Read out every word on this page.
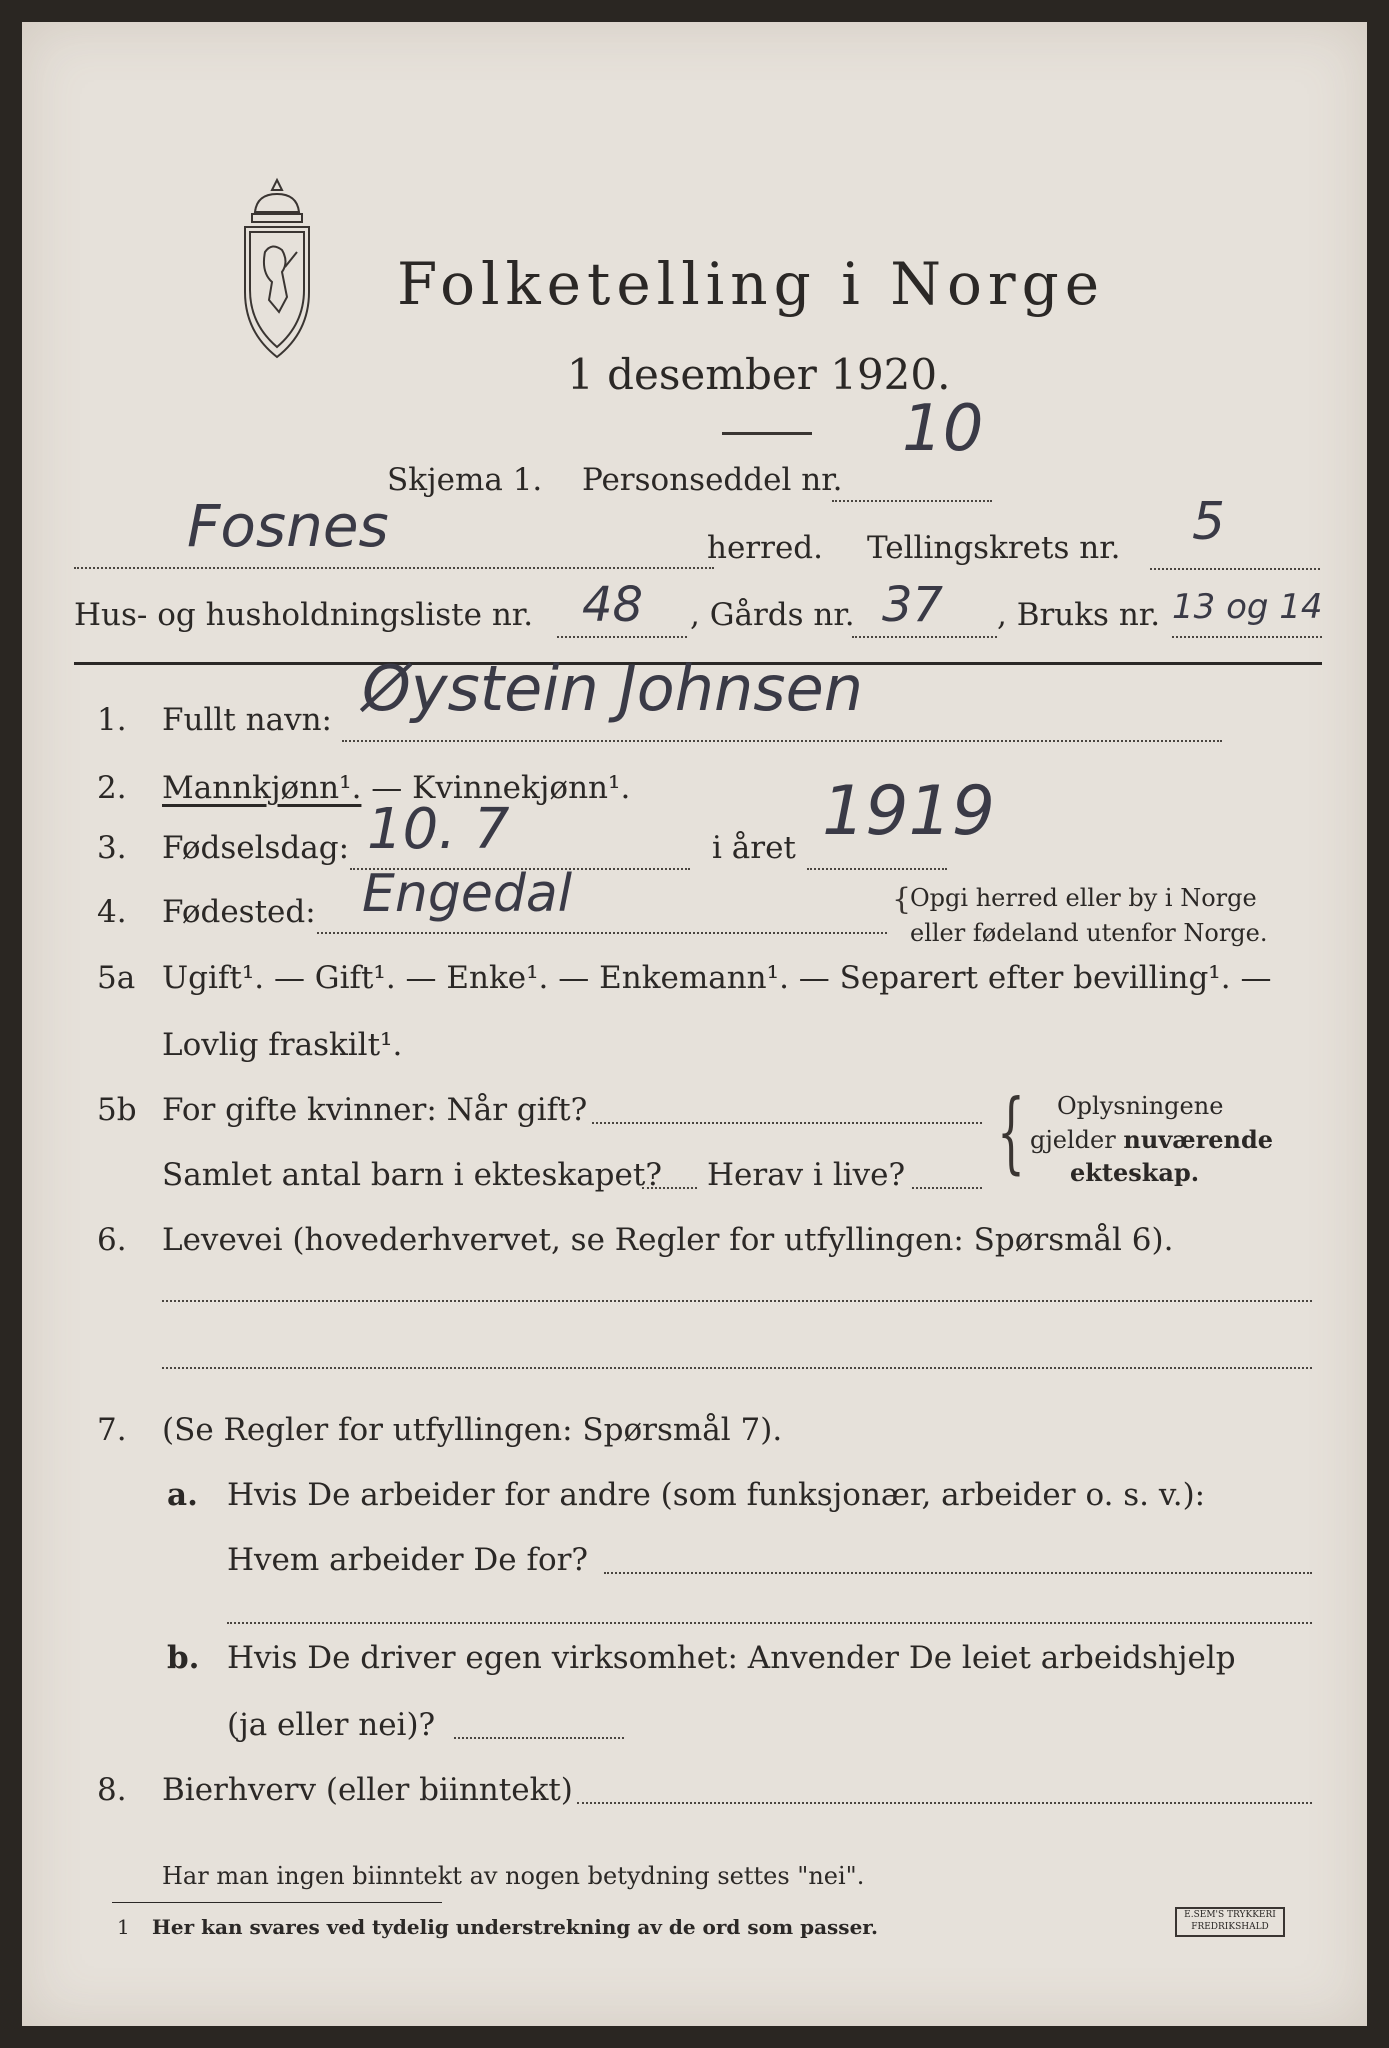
Folketelling i Norge
1 desember 1920.
Skjema 1. Personseddel nr.
10
Fosnes	herred. Tellingskrets nr. 5
Hus- og husholdningsliste nr. 48 , Gårds nr. 37 , Bruks nr. 13 og 14
1. Fullt navn: Øystein Johnsen
2. Mannkjønn¹. — Kvinnekjønn¹.
3. Fødselsdag: 10. 7	i året 1919
4. Fødested: Engedal	{
Opgi herred eller by i Norge
eller fødeland utenfor Norge.
5a Ugift¹. — Gift¹. — Enke¹. — Enkemann¹. — Separert efter bevilling¹. —
Lovlig fraskilt¹.
5b For gifte kvinner: Når gift?
Samlet antal barn i ekteskapet? Herav i live? { Oplysningene
gjelder nuværende
ekteskap.
6. Levevei (hovederhvervet, se Regler for utfyllingen: Spørsmål 6).
7. (Se Regler for utfyllingen: Spørsmål 7).
a. Hvis De arbeider for andre (som funksjonær, arbeider o. s. v.):
Hvem arbeider De for?
b. Hvis De driver egen virksomhet: Anvender De leiet arbeidshjelp
(ja eller nei)?
8. Bierhverv (eller biinntekt)
Har man ingen biinntekt av nogen betydning settes "nei".
1 Her kan svares ved tydelig understrekning av de ord som passer.	E.SEM'S TRYKKERI
FREDRIKSHALD
